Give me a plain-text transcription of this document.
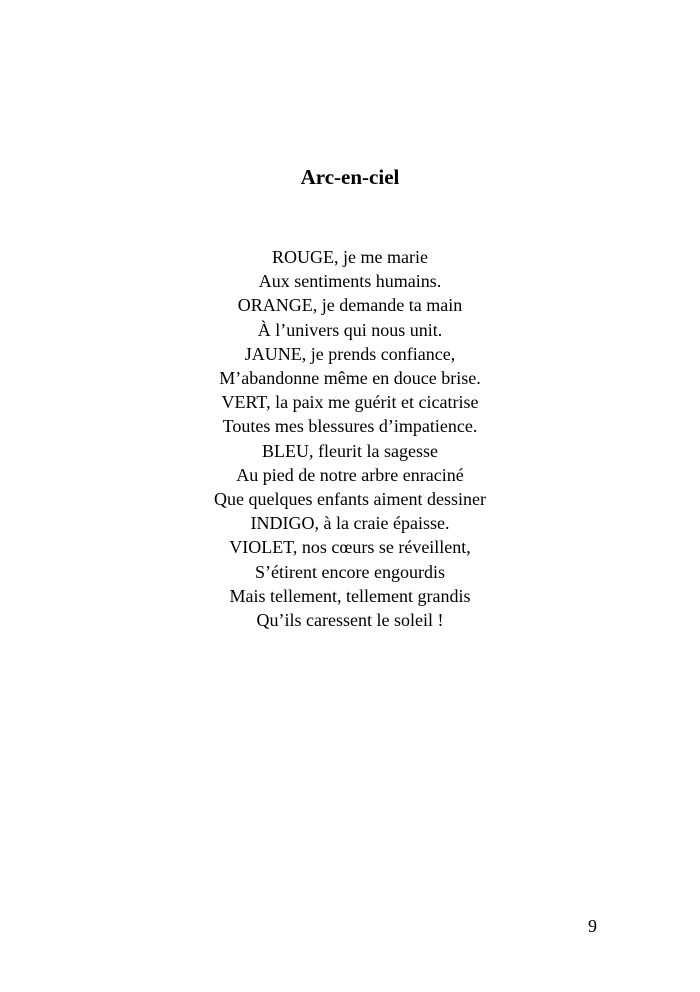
Arc-en-ciel
ROUGE, je me marie
Aux sentiments humains.
ORANGE, je demande ta main
À l’univers qui nous unit.
JAUNE, je prends confiance,
M’abandonne même en douce brise.
VERT, la paix me guérit et cicatrise
Toutes mes blessures d’impatience.
BLEU, fleurit la sagesse
Au pied de notre arbre enraciné
Que quelques enfants aiment dessiner
INDIGO, à la craie épaisse.
VIOLET, nos cœurs se réveillent,
S’étirent encore engourdis
Mais tellement, tellement grandis
Qu’ils caressent le soleil !
9
